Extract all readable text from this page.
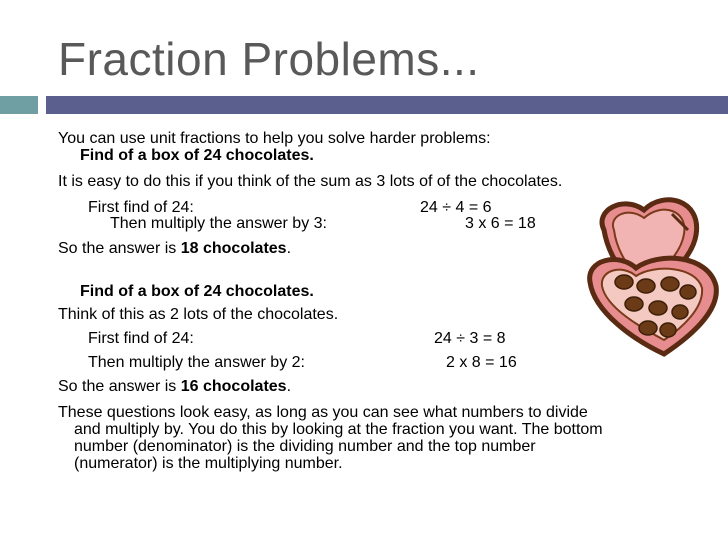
Fraction Problems...
You can use unit fractions to help you solve harder problems:
Find of a box of 24 chocolates.
It is easy to do this if you think of the sum as 3 lots of of the chocolates.
First find of 24:	24 ÷ 4 = 6
Then multiply the answer by 3:	3 x 6 = 18
So the answer is 18 chocolates.
Find of a box of 24 chocolates.
Think of this as 2 lots of the chocolates.
First find of 24:	24 ÷ 3 = 8
Then multiply the answer by 2:	2 x 8 = 16
So the answer is 16 chocolates.
These questions look easy, as long as you can see what numbers to divide
and multiply by. You do this by looking at the fraction you want. The bottom
number (denominator) is the dividing number and the top number
(numerator) is the multiplying number.
